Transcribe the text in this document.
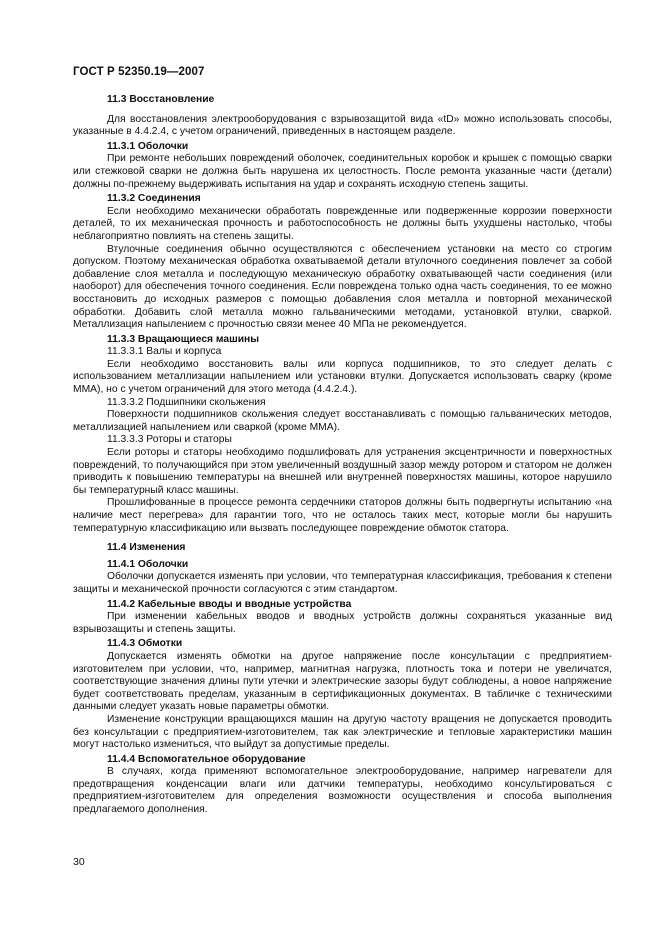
ГОСТ Р 52350.19—2007
11.3 Восстановление

Для восстановления электрооборудования с взрывозащитой вида «tD» можно использовать способы, указанные в 4.4.2.4, с учетом ограничений, приведенных в настоящем разделе.

11.3.1 Оболочки

При ремонте небольших повреждений оболочек, соединительных коробок и крышек с помощью сварки или стежковой сварки не должна быть нарушена их целостность. После ремонта указанные части (детали) должны по-прежнему выдерживать испытания на удар и сохранять исходную степень защиты.

11.3.2 Соединения

Если необходимо механически обработать поврежденные или подверженные коррозии поверхности деталей, то их механическая прочность и работоспособность не должны быть ухудшены настолько, чтобы неблагоприятно повлиять на степень защиты.

Втулочные соединения обычно осуществляются с обеспечением установки на место со строгим допуском. Поэтому механическая обработка охватываемой детали втулочного соединения повлечет за собой добавление слоя металла и последующую механическую обработку охватывающей части соединения (или наоборот) для обеспечения точного соединения. Если повреждена только одна часть соединения, то ее можно восстановить до исходных размеров с помощью добавления слоя металла и повторной механической обработки. Добавить слой металла можно гальваническими методами, установкой втулки, сваркой. Металлизация напылением с прочностью связи менее 40 МПа не рекомендуется.

11.3.3 Вращающиеся машины
11.3.3.1 Валы и корпуса

Если необходимо восстановить валы или корпуса подшипников, то это следует делать с использованием металлизации напылением или установки втулки. Допускается использовать сварку (кроме ММА), но с учетом ограничений для этого метода (4.4.2.4.).

11.3.3.2 Подшипники скольжения

Поверхности подшипников скольжения следует восстанавливать с помощью гальванических методов, металлизацией напылением или сваркой (кроме ММА).

11.3.3.3 Роторы и статоры

Если роторы и статоры необходимо подшлифовать для устранения эксцентричности и поверхностных повреждений, то получающийся при этом увеличенный воздушный зазор между ротором и статором не должен приводить к повышению температуры на внешней или внутренней поверхностях машины, которое нарушило бы температурный класс машины.

Прошлифованные в процессе ремонта сердечники статоров должны быть подвергнуты испытанию «на наличие мест перегрева» для гарантии того, что не осталось таких мест, которые могли бы нарушить температурную классификацию или вызвать последующее повреждение обмоток статора.

11.4 Изменения
11.4.1 Оболочки

Оболочки допускается изменять при условии, что температурная классификация, требования к степени защиты и механической прочности согласуются с этим стандартом.

11.4.2 Кабельные вводы и вводные устройства

При изменении кабельных вводов и вводных устройств должны сохраняться указанные вид взрывозащиты и степень защиты.

11.4.3 Обмотки

Допускается изменять обмотки на другое напряжение после консультации с предприятием-изготовителем при условии, что, например, магнитная нагрузка, плотность тока и потери не увеличатся, соответствующие значения длины пути утечки и электрические зазоры будут соблюдены, а новое напряжение будет соответствовать пределам, указанным в сертификационных документах. В табличке с техническими данными следует указать новые параметры обмотки.

Изменение конструкции вращающихся машин на другую частоту вращения не допускается проводить без консультации с предприятием-изготовителем, так как электрические и тепловые характеристики машин могут настолько измениться, что выйдут за допустимые пределы.

11.4.4 Вспомогательное оборудование

В случаях, когда применяют вспомогательное электрооборудование, например нагреватели для предотвращения конденсации влаги или датчики температуры, необходимо консультироваться с предприятием-изготовителем для определения возможности осуществления и способа выполнения предлагаемого дополнения.

30
